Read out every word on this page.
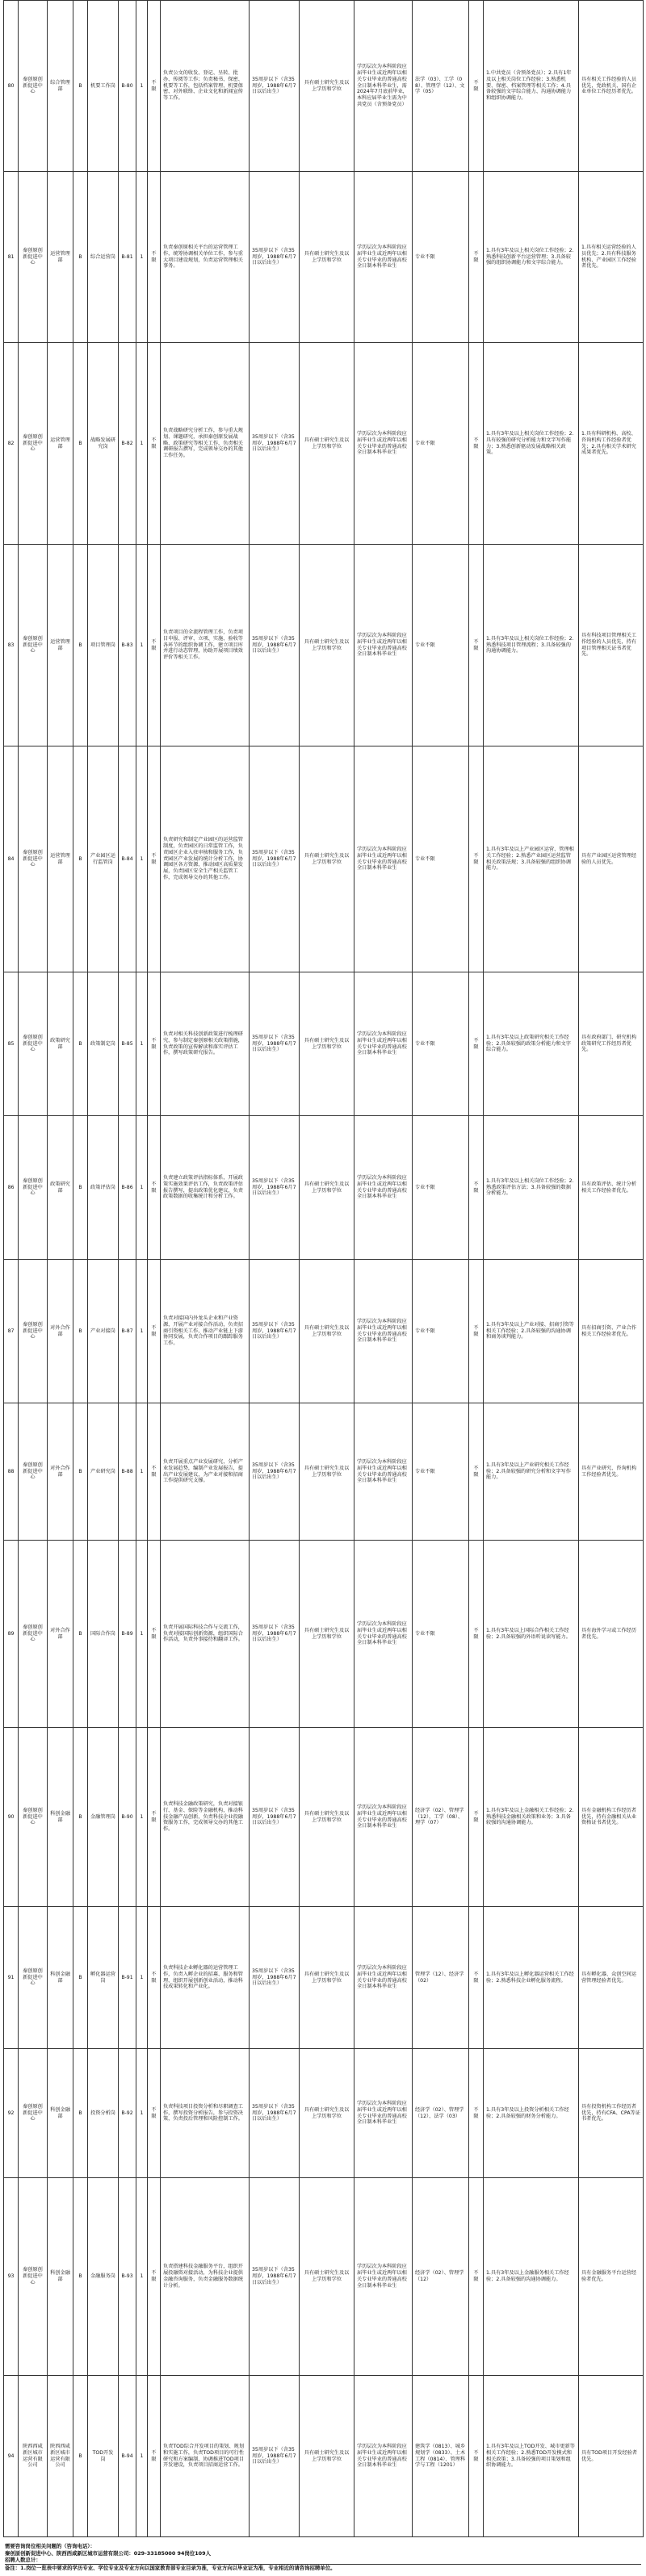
80	秦创原创新促进中心	综合管理部	B	机要工作岗	B-80	1	不限	负责公文的收发、登记、呈转、批办、传阅等工作；负责秘书、保密、机要等工作，包括档案管理、机要保密、对外联络、企业文化和新闻宣传等工作。	35周岁以下（含35周岁，1988年6月7日以后出生）	具有硕士研究生及以上学历和学位	学历层次为本科阶段应届毕业生或近两年以相关专业毕业的普通高校全日制本科毕业生，需2024年7月底前毕业，本科应届毕业生需为中共党员（含预备党员）	法学（03）、工学（08）、管理学（12）、文学（05）	不限	1.中共党员（含预备党员）；2.具有1年及以上相关岗位工作经验；3.熟悉机要、保密、档案管理等相关工作；4.具备较强的文字综合能力、沟通协调能力和组织协调能力。	具有相关工作经验的人员优先，党政机关、国有企业单位工作经历者优先。
81	秦创原创新促进中心	运营管理部	B	综合运营岗	B-81	1	不限	负责秦创原相关平台的运营管理工作，统筹协调相关单位工作，参与重大项目建设规划，负责运营管理相关事务。	35周岁以下（含35周岁，1988年6月7日以后出生）	具有硕士研究生及以上学历和学位	学历层次为本科阶段应届毕业生或近两年以相关专业毕业的普通高校全日制本科毕业生	专业不限	不限	1.具有3年及以上相关岗位工作经验；2.熟悉科技创新平台运营管理；3.具备较强的组织协调能力和文字综合能力。	1.具有相关运营经验的人员优先；2.具有科技服务机构、产业园区工作经验者优先。
82	秦创原创新促进中心	运营管理部	B	战略发展研究岗	B-82	1	不限	负责战略研究分析工作，参与重大规划、课题研究，承担秦创原发展战略、政策研究等相关工作，负责相关调研报告撰写，完成领导交办的其他工作任务。	35周岁以下（含35周岁，1988年6月7日以后出生）	具有硕士研究生及以上学历和学位	学历层次为本科阶段应届毕业生或近两年以相关专业毕业的普通高校全日制本科毕业生	专业不限	不限	1.具有3年及以上相关岗位工作经验；2.具有较强的研究分析能力和文字写作能力；3.熟悉创新驱动发展战略相关政策。	1.具有科研机构、高校、咨询机构工作经验者优先；2.具有相关学术研究成果者优先。
83	秦创原创新促进中心	运营管理部	B	项目管理岗	B-83	1	不限	负责项目的全流程管理工作，负责项目申报、评审、立项、实施、验收等各环节的组织协调工作，建立项目库并进行动态管理，协助开展项目绩效评价等相关工作。	35周岁以下（含35周岁，1988年6月7日以后出生）	具有硕士研究生及以上学历和学位	学历层次为本科阶段应届毕业生或近两年以相关专业毕业的普通高校全日制本科毕业生	专业不限	不限	1.具有3年及以上相关岗位工作经验；2.熟悉科技项目管理流程；3.具备较强的沟通协调能力。	具有科技项目管理相关工作经验的人员优先，持有项目管理相关证书者优先。
84	秦创原创新促进中心	运营管理部	B	产业园区运行监管岗	B-84	1	不限	负责研究和制定产业园区的运营监管制度，负责园区的日常监管工作，负责园区企业入驻审核和服务工作，负责园区产业发展的统计分析工作，协调园区各方资源，推动园区高质量发展，负责园区安全生产相关监管工作，完成领导交办的其他工作。	35周岁以下（含35周岁，1988年6月7日以后出生）	具有硕士研究生及以上学历和学位	学历层次为本科阶段应届毕业生或近两年以相关专业毕业的普通高校全日制本科毕业生	专业不限	不限	1.具有3年及以上产业园区运营、管理相关工作经验；2.熟悉产业园区运营监管相关政策法规；3.具备较强的组织协调能力。	具有产业园区运营管理经验的人员优先。
85	秦创原创新促进中心	政策研究部	B	政策制定岗	B-85	1	不限	负责对相关科技创新政策进行梳理研究，参与制定秦创原相关政策措施，负责政策的宣传解读和落实评估工作，撰写政策研究报告。	35周岁以下（含35周岁，1988年6月7日以后出生）	具有硕士研究生及以上学历和学位	学历层次为本科阶段应届毕业生或近两年以相关专业毕业的普通高校全日制本科毕业生	专业不限	不限	1.具有3年及以上政策研究相关工作经验；2.具备较强的政策分析能力和文字综合能力。	具有政府部门、研究机构政策研究工作经历者优先。
86	秦创原创新促进中心	政策研究部	B	政策评估岗	B-86	1	不限	负责建立政策评估指标体系，开展政策实施效果评估工作，负责政策评估报告撰写，提出政策优化建议，负责政策数据的收集统计和分析工作。	35周岁以下（含35周岁，1988年6月7日以后出生）	具有硕士研究生及以上学历和学位	学历层次为本科阶段应届毕业生或近两年以相关专业毕业的普通高校全日制本科毕业生	专业不限	不限	1.具有3年及以上相关岗位工作经验；2.熟悉政策评估方法；3.具备较强的数据分析能力。	具有政策评估、统计分析相关工作经验者优先。
87	秦创原创新促进中心	对外合作部	B	产业对接岗	B-87	1	不限	负责对接国内外龙头企业和产业资源，开展产业对接合作活动，负责招商引资相关工作，推动产业链上下游协同发展，负责合作项目的跟踪服务工作。	35周岁以下（含35周岁，1988年6月7日以后出生）	具有硕士研究生及以上学历和学位	学历层次为本科阶段应届毕业生或近两年以相关专业毕业的普通高校全日制本科毕业生	专业不限	不限	1.具有3年及以上产业对接、招商引资等相关工作经验；2.具备较强的沟通协调和商务谈判能力。	具有招商引资、产业合作相关工作经验者优先。
88	秦创原创新促进中心	对外合作部	B	产业研究岗	B-88	1	不限	负责开展重点产业发展研究，分析产业发展趋势，编制产业发展报告，提出产业发展建议，为产业对接和招商工作提供研究支撑。	35周岁以下（含35周岁，1988年6月7日以后出生）	具有硕士研究生及以上学历和学位	学历层次为本科阶段应届毕业生或近两年以相关专业毕业的普通高校全日制本科毕业生	专业不限	不限	1.具有3年及以上产业研究相关工作经验；2.具备较强的研究分析和文字写作能力。	具有产业研究、咨询机构工作经验者优先。
89	秦创原创新促进中心	对外合作部	B	国际合作岗	B-89	1	不限	负责开展国际科技合作与交流工作，负责对接国际创新资源，组织国际合作活动，负责外事接待和翻译工作。	35周岁以下（含35周岁，1988年6月7日以后出生）	具有硕士研究生及以上学历和学位	学历层次为本科阶段应届毕业生或近两年以相关专业毕业的普通高校全日制本科毕业生	专业不限	不限	1.具有3年及以上国际合作相关工作经验；2.具备较强的外语听说读写能力。	具有海外学习或工作经历者优先。
90	秦创原创新促进中心	科创金融部	B	金融管理岗	B-90	1	不限	负责科技金融政策研究，负责对接银行、基金、保险等金融机构，推动科技金融产品创新，负责科技企业投融资服务工作，完成领导交办的其他工作。	35周岁以下（含35周岁，1988年6月7日以后出生）	具有硕士研究生及以上学历和学位	学历层次为本科阶段应届毕业生或近两年以相关专业毕业的普通高校全日制本科毕业生	经济学（02）、管理学（12）、工学（08）、理学（07）	不限	1.具有3年及以上金融相关工作经验；2.熟悉科技金融相关政策和业务；3.具备较强的沟通协调能力。	具有金融机构工作经历者优先，持有金融相关从业资格证书者优先。
91	秦创原创新促进中心	科创金融部	B	孵化器运营岗	B-91	1	不限	负责科技企业孵化器的运营管理工作，负责入孵企业的招募、服务和管理，组织开展创新创业活动，推动科技成果转化和产业化。	35周岁以下（含35周岁，1988年6月7日以后出生）	具有硕士研究生及以上学历和学位	学历层次为本科阶段应届毕业生或近两年以相关专业毕业的普通高校全日制本科毕业生	管理学（12）、经济学（02）	不限	1.具有3年及以上孵化器运营相关工作经验；2.熟悉科技企业孵化服务流程。	具有孵化器、众创空间运营管理经验者优先。
92	秦创原创新促进中心	科创金融部	B	投资分析岗	B-92	1	不限	负责科技项目投资分析和尽职调查工作，撰写投资分析报告，参与投资决策，负责投后管理和风险控制工作。	35周岁以下（含35周岁，1988年6月7日以后出生）	具有硕士研究生及以上学历和学位	学历层次为本科阶段应届毕业生或近两年以相关专业毕业的普通高校全日制本科毕业生	经济学（02）、管理学（12）、法学（03）	不限	1.具有3年及以上投资分析相关工作经验；2.具备较强的财务分析能力。	具有投资机构工作经历者优先，持有CFA、CPA等证书者优先。
93	秦创原创新促进中心	科创金融部	B	金融服务岗	B-93	1	不限	负责搭建科技金融服务平台，组织开展投融资对接活动，为科技企业提供金融咨询服务，负责金融服务数据统计分析。	35周岁以下（含35周岁，1988年6月7日以后出生）	具有硕士研究生及以上学历和学位	学历层次为本科阶段应届毕业生或近两年以相关专业毕业的普通高校全日制本科毕业生	经济学（02）、管理学（12）	不限	1.具有3年及以上金融服务相关工作经验；2.具备较强的沟通协调能力。	具有金融服务平台运营经验者优先。
94	陕西西咸新区城市运营有限公司	陕西西咸新区城市运营有限公司	B	TOD开发岗	B-94	1	不限	负责TOD综合开发项目的策划、规划和实施工作，负责TOD项目的可行性研究和方案编制，协调推进TOD项目开发建设，负责项目招商运营工作。	35周岁以下（含35周岁，1988年6月7日以后出生）	具有硕士研究生及以上学历和学位	学历层次为本科阶段应届毕业生或近两年以相关专业毕业的普通高校全日制本科毕业生	建筑学（0813）、城乡规划学（0833）、土木工程（0814）、管理科学与工程（1201）	不限	1.具有3年及以上TOD开发、城市更新等相关工作经验；2.熟悉TOD开发模式和相关政策；3.具备较强的项目策划和组织协调能力。	具有TOD项目开发经验者优先。
需要咨询岗位相关问题的（咨询电话）：
秦创原创新促进中心、陕西西咸新区城市运营有限公司：029-33185000 94岗位109人
招聘人数总计：
备注：1.岗位一览表中要求的学历专业、学位专业及专业方向以国家教育部专业目录为准，专业方向以毕业证为准，专业相近的请咨询招聘单位。
